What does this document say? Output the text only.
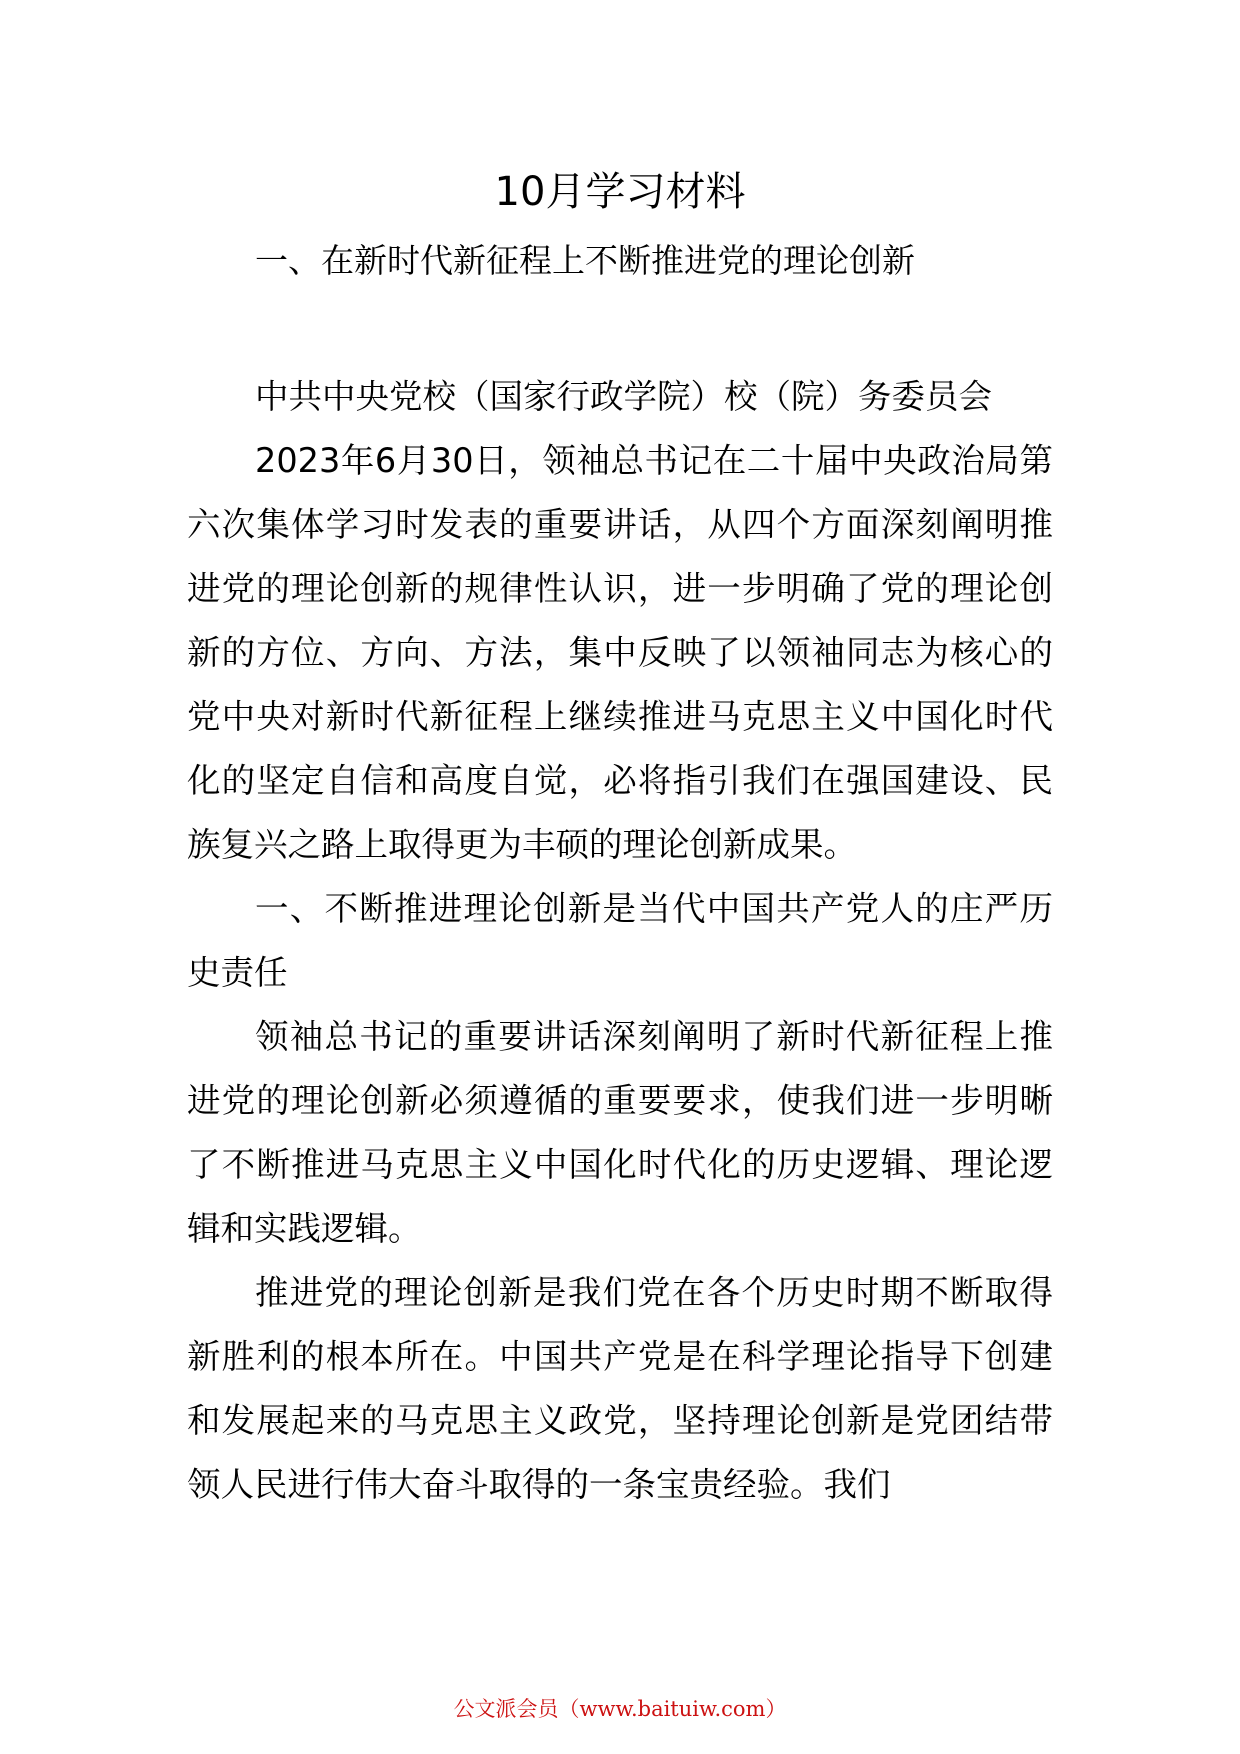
10月学习材料
一、在新时代新征程上不断推进党的理论创新

中共中央党校（国家行政学院）校（院）务委员会

2023年6月30日，领袖总书记在二十届中央政治局第六次集体学习时发表的重要讲话，从四个方面深刻阐明推进党的理论创新的规律性认识，进一步明确了党的理论创新的方位、方向、方法，集中反映了以领袖同志为核心的党中央对新时代新征程上继续推进马克思主义中国化时代化的坚定自信和高度自觉，必将指引我们在强国建设、民族复兴之路上取得更为丰硕的理论创新成果。

一、不断推进理论创新是当代中国共产党人的庄严历史责任

领袖总书记的重要讲话深刻阐明了新时代新征程上推进党的理论创新必须遵循的重要要求，使我们进一步明晰了不断推进马克思主义中国化时代化的历史逻辑、理论逻辑和实践逻辑。

推进党的理论创新是我们党在各个历史时期不断取得新胜利的根本所在。中国共产党是在科学理论指导下创建和发展起来的马克思主义政党，坚持理论创新是党团结带领人民进行伟大奋斗取得的一条宝贵经验。我们

公文派会员（www.baituiw.com）
